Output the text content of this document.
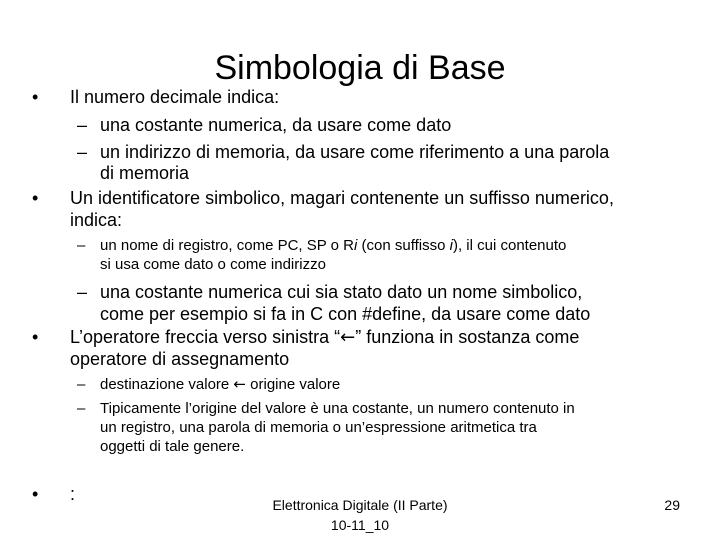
Simbologia di Base
• Il numero decimale indica:
– una costante numerica, da usare come dato
– un indirizzo di memoria, da usare come riferimento a una parola
di memoria
• Un identificatore simbolico, magari contenente un suffisso numerico,
indica:
– un nome di registro, come PC, SP o Ri (con suffisso i), il cui contenuto
si usa come dato o come indirizzo
– una costante numerica cui sia stato dato un nome simbolico,
come per esempio si fa in C con #define, da usare come dato
• L’operatore freccia verso sinistra “←” funziona in sostanza come
operatore di assegnamento
– destinazione valore ← origine valore
– Tipicamente l’origine del valore è una costante, un numero contenuto in
un registro, una parola di memoria o un’espressione aritmetica tra
oggetti di tale genere.
• :
Elettronica Digitale (II Parte)
10-11_10
29
